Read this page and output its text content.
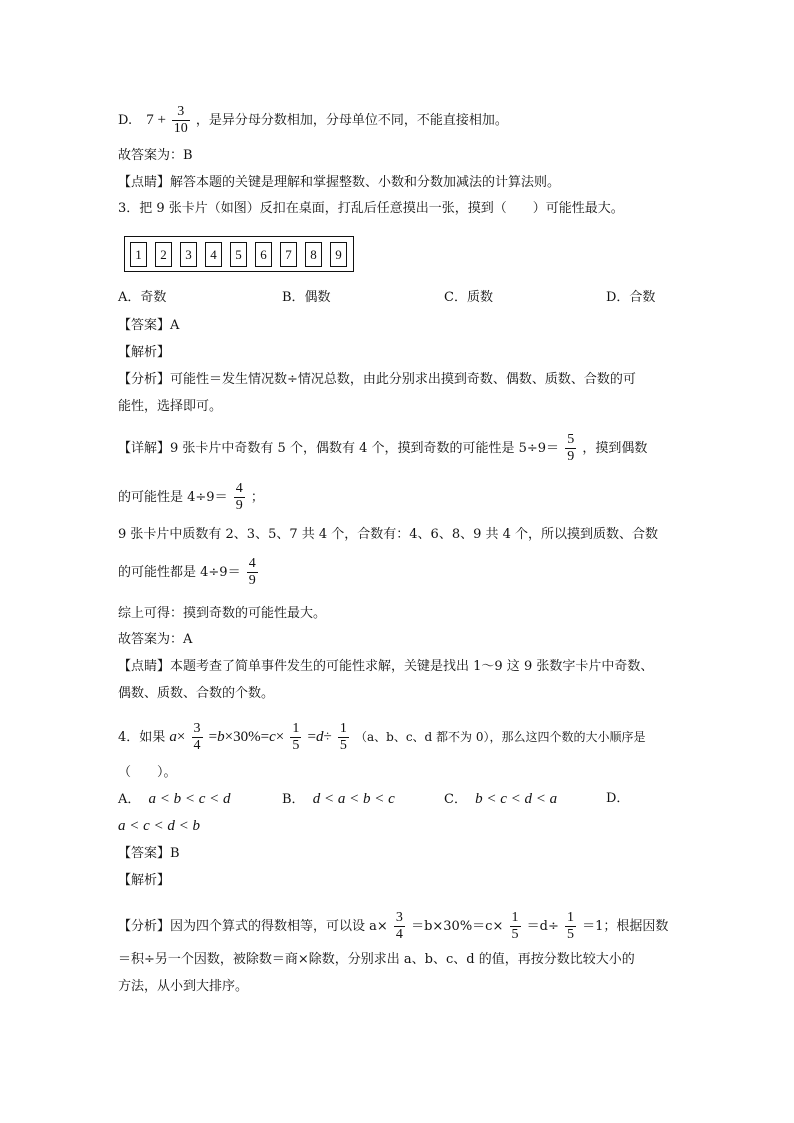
D. $7 + \frac{3}{10}$ ，是异分母分数相加，分母单位不同，不能直接相加。
故答案为：B
【点睛】解答本题的关键是理解和掌握整数、小数和分数加减法的计算法则。
3．把 9 张卡片（如图）反扣在桌面，打乱后任意摸出一张，摸到（　　）可能性最大。
1	2	3	4	5	6	7	8	9
A．奇数	B．偶数	C．质数	D．合数
【答案】A
【解析】
【分析】可能性＝发生情况数÷情况总数，由此分别求出摸到奇数、偶数、质数、合数的可
能性，选择即可。
【详解】9 张卡片中奇数有 5 个，偶数有 4 个，摸到奇数的可能性是 $5\div 9= \frac{5}{9}$ ，摸到偶数
的可能性是 $4\div 9= \frac{4}{9}$ ；
9 张卡片中质数有 2、3、5、7 共 4 个，合数有：4、6、8、9 共 4 个，所以摸到质数、合数
的可能性都是 $4\div 9= \frac{4}{9}$
综上可得：摸到奇数的可能性最大。
故答案为：A
【点睛】本题考查了简单事件发生的可能性求解，关键是找出 1～9 这 9 张数字卡片中奇数、
偶数、质数、合数的个数。
4．如果 $a\times \frac{3}{4} =b\times 30\%=c\times \frac{1}{5} =d\div \frac{1}{5} (a$、b、c、d 都不为 0），那么这四个数的大小顺序是
（　　）。
A． a < b < c < d	B． d < a < b < c	C． b < c < d < a	D．
a < c < d < b
【答案】B
【解析】
【分析】因为四个算式的得数相等，可以设 $a\times \frac{3}{4} =b\times 30\%=c\times \frac{1}{5} =d\div \frac{1}{5} =1$；根据因数
＝积÷另一个因数，被除数＝商×除数，分别求出 a、b、c、d 的值，再按分数比较大小的
方法，从小到大排序。
